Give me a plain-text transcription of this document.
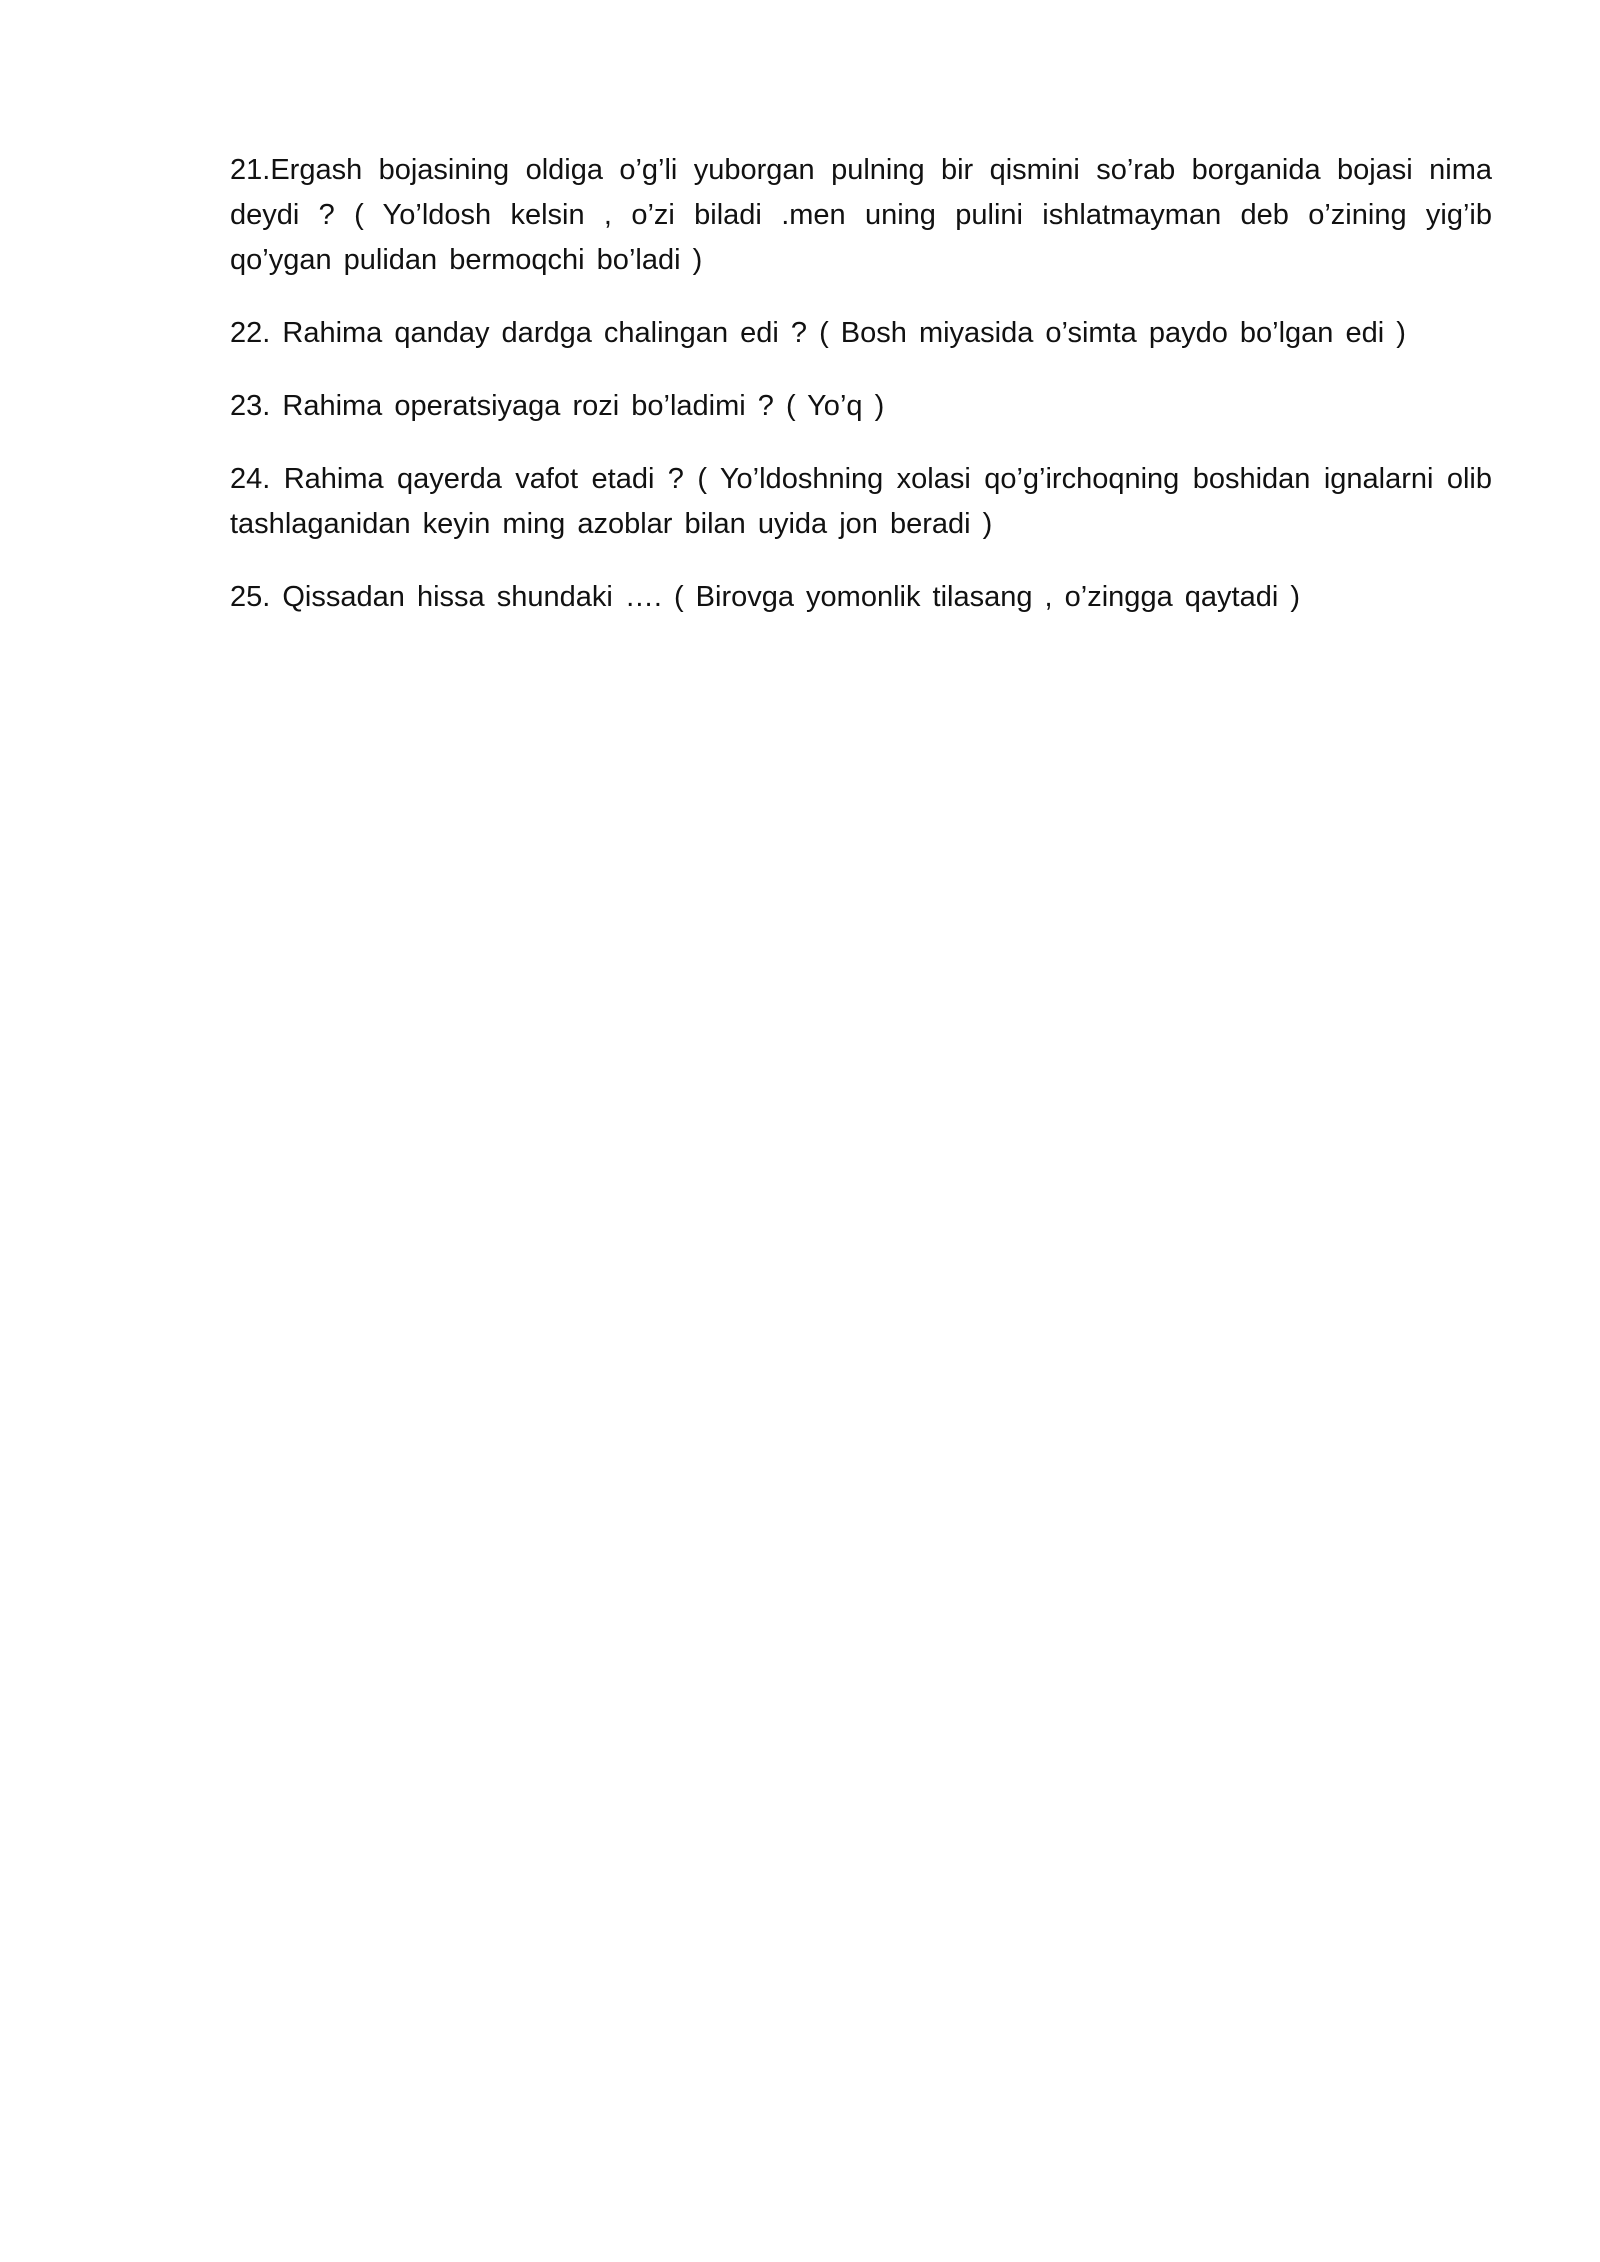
21.Ergash bojasining oldiga o’g’li yuborgan pulning bir qismini so’rab borganida bojasi nima deydi ? ( Yo’ldosh kelsin , o’zi biladi .men uning pulini ishlatmayman deb o’zining yig’ib qo’ygan pulidan bermoqchi bo’ladi )

22. Rahima qanday dardga chalingan edi ? ( Bosh miyasida o’simta paydo bo’lgan edi )

23. Rahima operatsiyaga rozi bo’ladimi ? ( Yo’q )

24. Rahima qayerda vafot etadi ? ( Yo’ldoshning xolasi qo’g’irchoqning boshidan ignalarni olib tashlaganidan keyin ming azoblar bilan uyida jon beradi )

25. Qissadan hissa shundaki …. ( Birovga yomonlik tilasang , o’zingga qaytadi )
